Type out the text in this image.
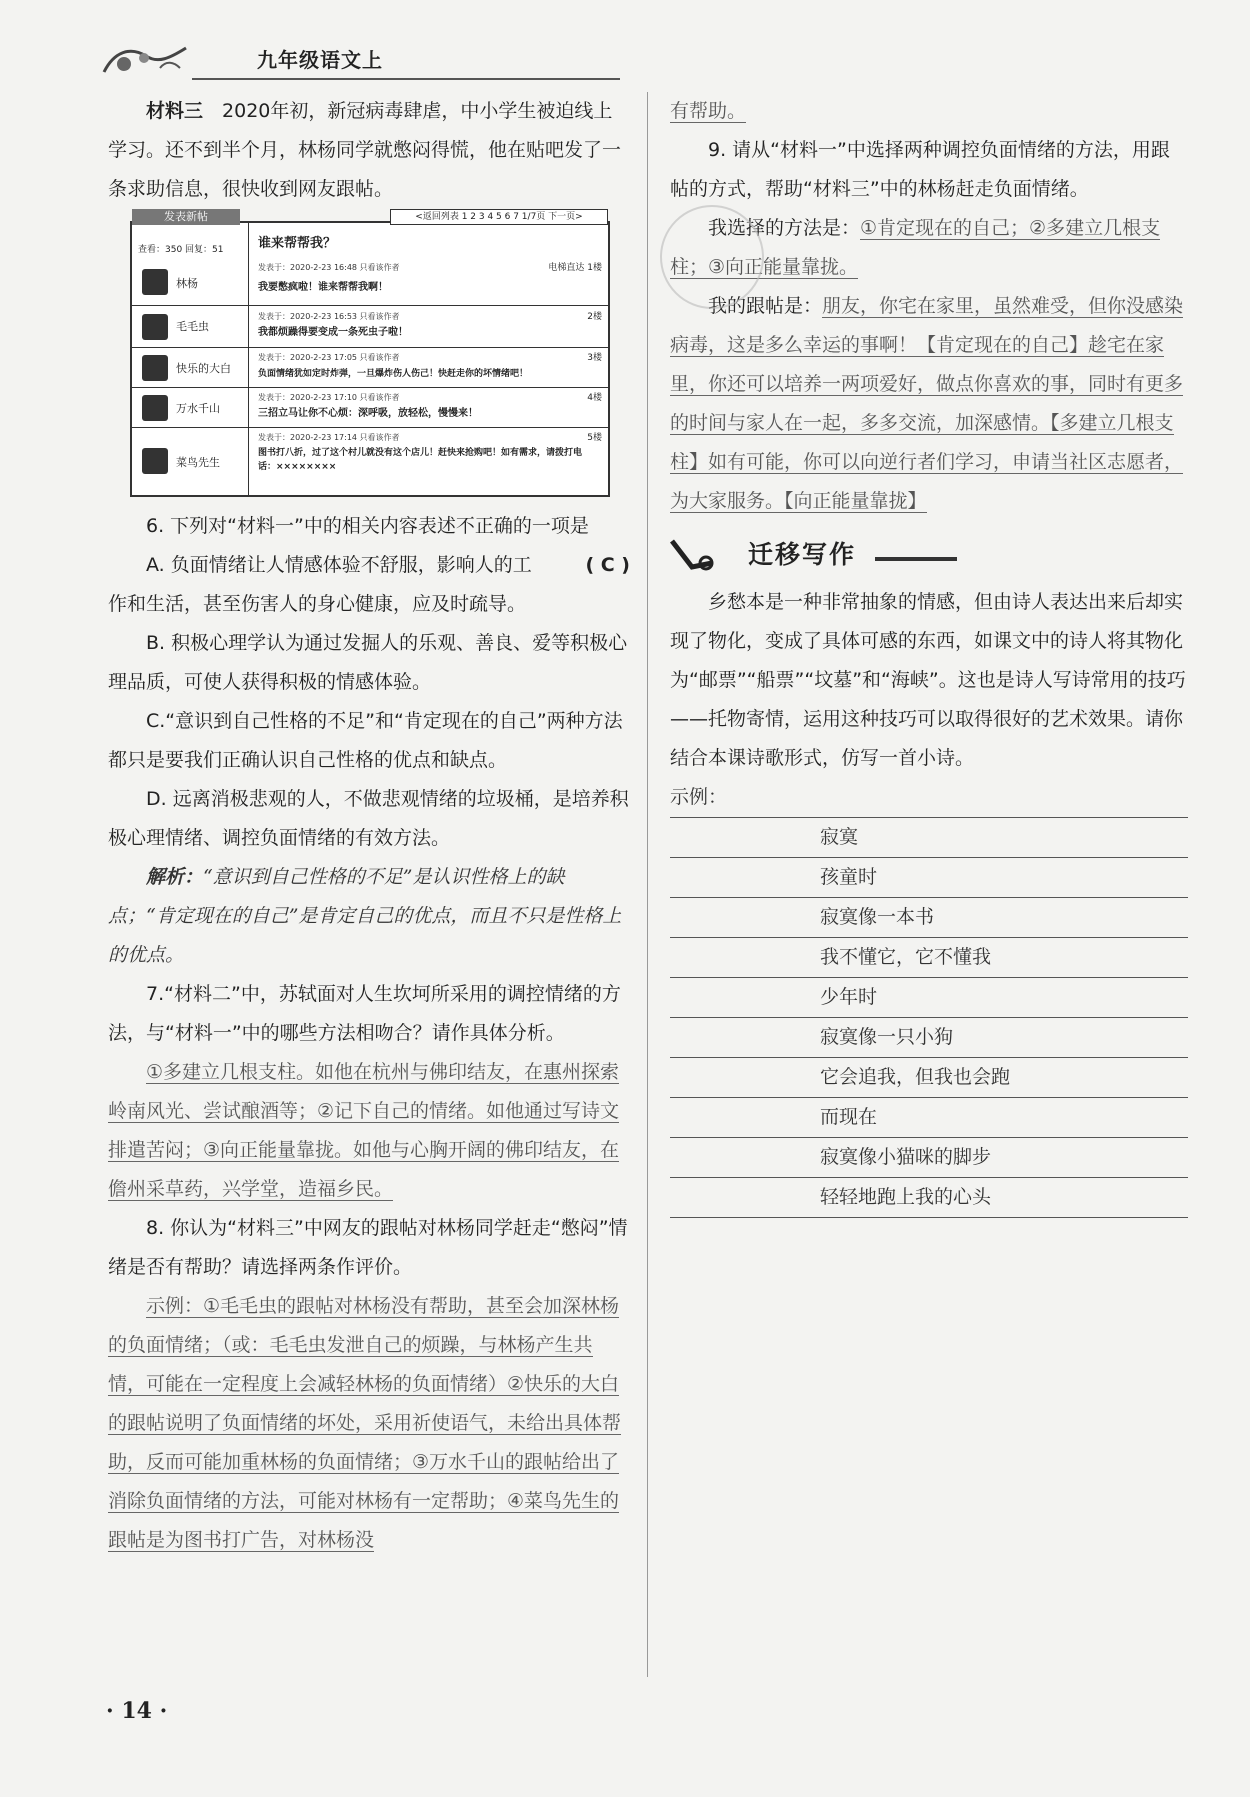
九年级语文上

材料三　 2020年初，新冠病毒肆虐，中小学生被迫线上学习。还不到半个月，林杨同学就憋闷得慌，他在贴吧发了一条求助信息，很快收到网友跟帖。

发表新帖	<返回列表 1 2 3 4 5 6 7 1/7页 下一页>
查看：350 回复：51	谁来帮帮我？
林杨
发表于：2020-2-23 16:48 只看该作者	电梯直达 1楼
我要憋疯啦！谁来帮帮我啊！
毛毛虫
发表于：2020-2-23 16:53 只看该作者	2楼
我都烦躁得要变成一条死虫子啦！
快乐的大白
发表于：2020-2-23 17:05 只看该作者	3楼
负面情绪犹如定时炸弹，一旦爆炸伤人伤己！快赶走你的坏情绪吧！
万水千山
发表于：2020-2-23 17:10 只看该作者	4楼
三招立马让你不心烦：深呼吸，放轻松，慢慢来！
菜鸟先生
发表于：2020-2-23 17:14 只看该作者	5楼
图书打八折，过了这个村儿就没有这个店儿！赶快来抢购吧！如有需求，请拨打电话：××××××××

6. 下列对“材料一”中的相关内容表述不正确的一项是
( C )

A. 负面情绪让人情感体验不舒服，影响人的工作和生活，甚至伤害人的身心健康，应及时疏导。

B. 积极心理学认为通过发掘人的乐观、善良、爱等积极心理品质，可使人获得积极的情感体验。

C.“意识到自己性格的不足”和“肯定现在的自己”两种方法都只是要我们正确认识自己性格的优点和缺点。

D. 远离消极悲观的人，不做悲观情绪的垃圾桶，是培养积极心理情绪、调控负面情绪的有效方法。

解析：“意识到自己性格的不足”是认识性格上的缺点；“肯定现在的自己”是肯定自己的优点，而且不只是性格上的优点。

7.“材料二”中，苏轼面对人生坎坷所采用的调控情绪的方法，与“材料一”中的哪些方法相吻合？请作具体分析。

①多建立几根支柱。如他在杭州与佛印结友，在惠州探索岭南风光、尝试酿酒等；②记下自己的情绪。如他通过写诗文排遣苦闷；③向正能量靠拢。如他与心胸开阔的佛印结友，在儋州采草药，兴学堂，造福乡民。

8. 你认为“材料三”中网友的跟帖对林杨同学赶走“憋闷”情绪是否有帮助？请选择两条作评价。

示例：①毛毛虫的跟帖对林杨没有帮助，甚至会加深林杨的负面情绪；（或：毛毛虫发泄自己的烦躁，与林杨产生共情，可能在一定程度上会减轻林杨的负面情绪）②快乐的大白的跟帖说明了负面情绪的坏处，采用祈使语气，未给出具体帮助，反而可能加重林杨的负面情绪；③万水千山的跟帖给出了消除负面情绪的方法，可能对林杨有一定帮助；④菜鸟先生的跟帖是为图书打广告，对林杨没

有帮助。

9. 请从“材料一”中选择两种调控负面情绪的方法，用跟帖的方式，帮助“材料三”中的林杨赶走负面情绪。

我选择的方法是：①肯定现在的自己；②多建立几根支柱；③向正能量靠拢。

我的跟帖是：朋友，你宅在家里，虽然难受，但你没感染病毒，这是多么幸运的事啊！【肯定现在的自己】趁宅在家里，你还可以培养一两项爱好，做点你喜欢的事，同时有更多的时间与家人在一起，多多交流，加深感情。【多建立几根支柱】如有可能，你可以向逆行者们学习，申请当社区志愿者，为大家服务。【向正能量靠拢】

迁移写作

乡愁本是一种非常抽象的情感，但由诗人表达出来后却实现了物化，变成了具体可感的东西，如课文中的诗人将其物化为“邮票”“船票”“坟墓”和“海峡”。这也是诗人写诗常用的技巧——托物寄情，运用这种技巧可以取得很好的艺术效果。请你结合本课诗歌形式，仿写一首小诗。

示例：
寂寞
孩童时
寂寞像一本书
我不懂它，它不懂我
少年时
寂寞像一只小狗
它会追我，但我也会跑
而现在
寂寞像小猫咪的脚步
轻轻地跑上我的心头
· 14 ·
